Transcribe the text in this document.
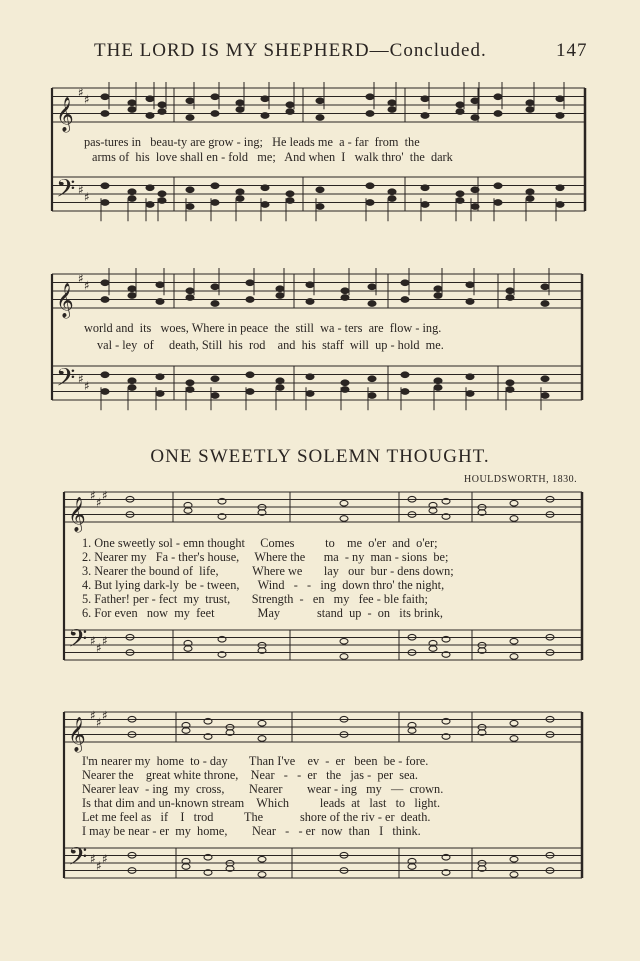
THE LORD IS MY SHEPHERD—Concluded.	147
𝄞
𝄢
♯ ♯
♯ ♯
𝄞
𝄢
♯ ♯
♯ ♯
𝄞
𝄢
♯ ♯ ♯
♯ ♯ ♯
𝄞
𝄢
♯ ♯ ♯
♯ ♯ ♯
pas-tures in   beau-ty are grow - ing;   He leads me  a - far  from  the
arms of  his  love shall en - fold   me;   And when  I   walk thro'  the  dark
world and  its   woes, Where in peace  the  still  wa - ters  are  flow - ing.
val - ley  of     death, Still  his  rod    and  his  staff  will  up - hold  me.
ONE SWEETLY SOLEMN THOUGHT.
HOULDSWORTH, 1830.
1. One sweetly sol - emn thought     Comes          to    me  o'er  and  o'er;
2. Nearer my   Fa - ther's house,     Where the      ma  - ny  man - sions  be;
3. Nearer the bound of  life,           Where we       lay   our  bur - dens down;
4. But lying dark-ly  be - tween,      Wind   -   -   ing  down thro' the night,
5. Father! per - fect  my  trust,       Strength  -   en   my   fee - ble faith;
6. For even   now  my  feet              May            stand  up  -  on   its brink,
I'm nearer my  home  to - day       Than I've    ev  -  er   been  be - fore.
Nearer the    great white throne,    Near   -   -  er   the   jas -  per  sea.
Nearer leav  - ing  my  cross,        Nearer        wear - ing   my   —  crown.
Is that dim and un-known stream    Which          leads  at   last   to   light.
Let me feel as   if    I   trod          The            shore of the riv - er  death.
I may be near - er  my  home,        Near   -   - er  now  than   I   think.
